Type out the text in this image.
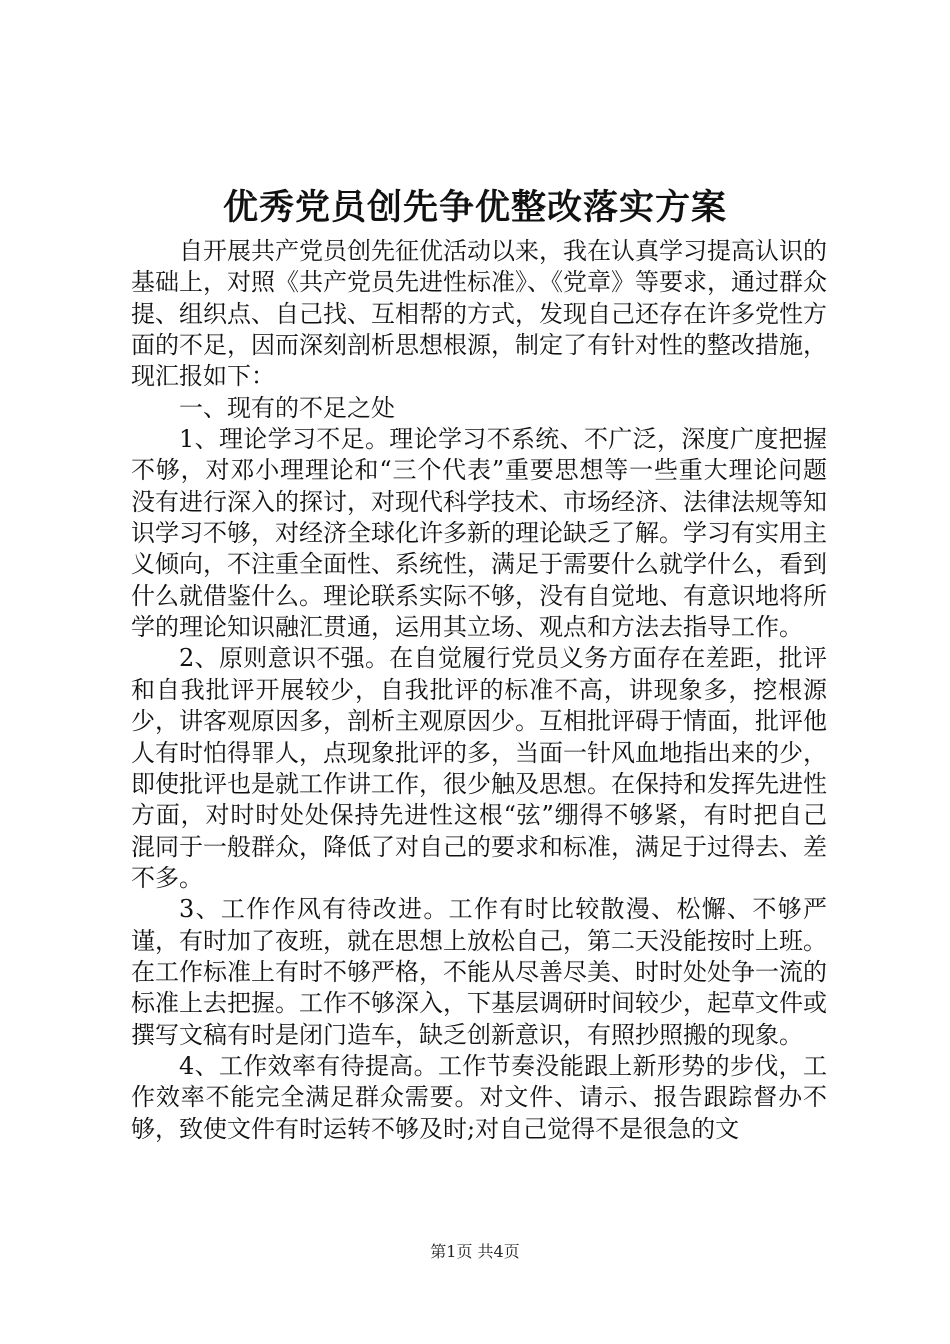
优秀党员创先争优整改落实方案

自开展共产党员创先征优活动以来，我在认真学习提高认识的基础上，对照《共产党员先进性标准》、《党章》等要求，通过群众提、组织点、自己找、互相帮的方式，发现自己还存在许多党性方面的不足，因而深刻剖析思想根源，制定了有针对性的整改措施，现汇报如下：

一、现有的不足之处

1、理论学习不足。理论学习不系统、不广泛，深度广度把握不够，对邓小理理论和“三个代表”重要思想等一些重大理论问题没有进行深入的探讨，对现代科学技术、市场经济、法律法规等知识学习不够，对经济全球化许多新的理论缺乏了解。学习有实用主义倾向，不注重全面性、系统性，满足于需要什么就学什么，看到什么就借鉴什么。理论联系实际不够，没有自觉地、有意识地将所学的理论知识融汇贯通，运用其立场、观点和方法去指导工作。

2、原则意识不强。在自觉履行党员义务方面存在差距，批评和自我批评开展较少，自我批评的标准不高，讲现象多，挖根源少，讲客观原因多，剖析主观原因少。互相批评碍于情面，批评他人有时怕得罪人，点现象批评的多，当面一针风血地指出来的少，即使批评也是就工作讲工作，很少触及思想。在保持和发挥先进性方面，对时时处处保持先进性这根“弦”绷得不够紧，有时把自己混同于一般群众，降低了对自己的要求和标准，满足于过得去、差不多。

3、工作作风有待改进。工作有时比较散漫、松懈、不够严谨，有时加了夜班，就在思想上放松自己，第二天没能按时上班。在工作标准上有时不够严格，不能从尽善尽美、时时处处争一流的标准上去把握。工作不够深入，下基层调研时间较少，起草文件或撰写文稿有时是闭门造车，缺乏创新意识，有照抄照搬的现象。

4、工作效率有待提高。工作节奏没能跟上新形势的步伐，工作效率不能完全满足群众需要。对文件、请示、报告跟踪督办不够，致使文件有时运转不够及时;对自己觉得不是很急的文

第1页 共4页
